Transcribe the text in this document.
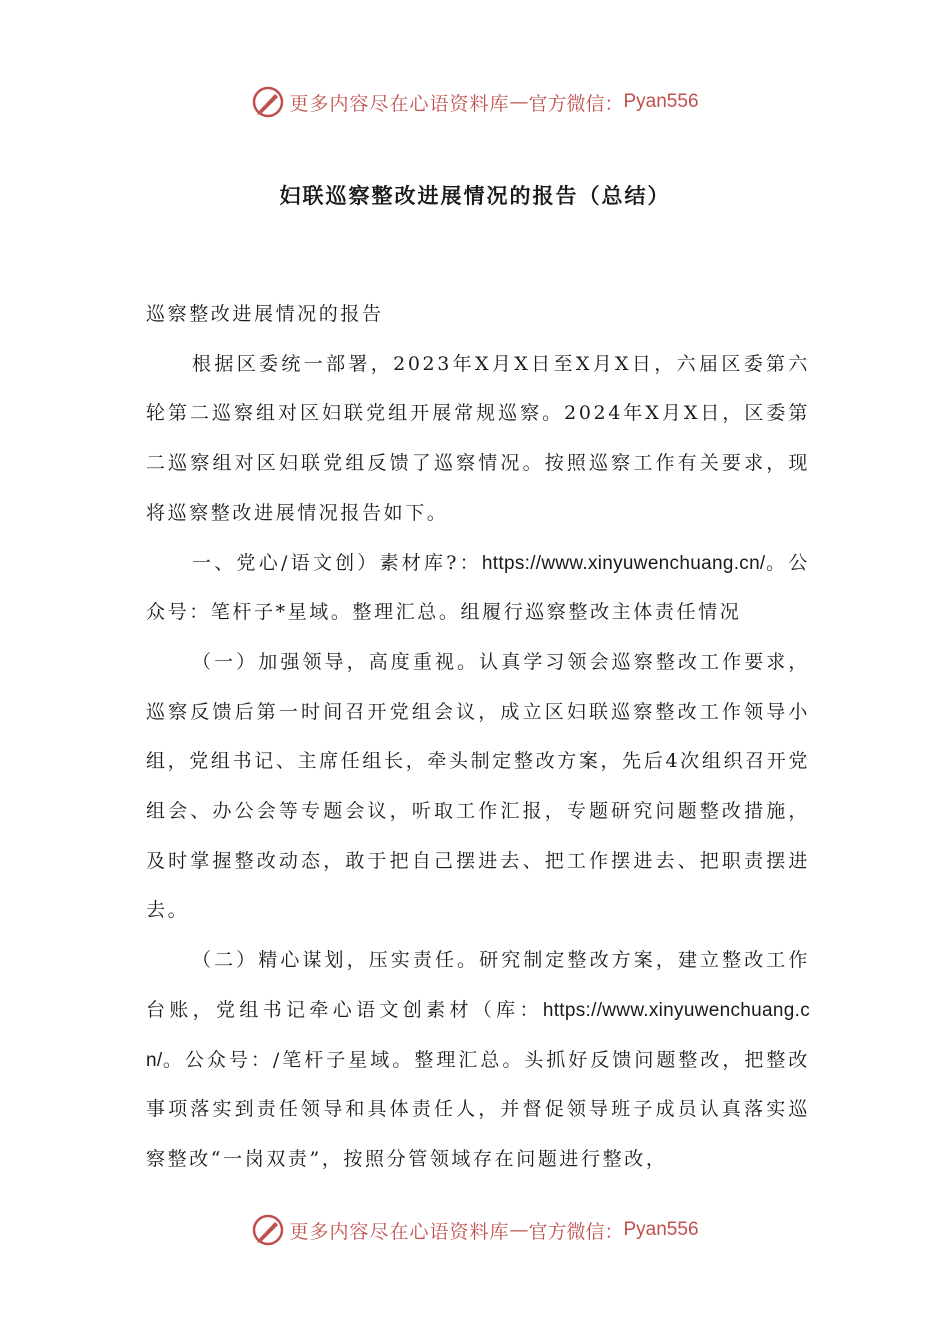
更多内容尽在心语资料库 — 官方微信： Pyan556
妇联巡察整改进展情况的报告（总结）

巡察整改进展情况的报告

根据区委统一部署，2023年X月X日至X月X日，六届区委第六轮第二巡察组对区妇联党组开展常规巡察。2024年X月X日，区委第二巡察组对区妇联党组反馈了巡察情况。按照巡察工作有关要求，现将巡察整改进展情况报告如下。

一、党心/语文创）素材库?：https://www.xinyuwenchuang.cn/。公众号：笔杆子*星域。整理汇总。组履行巡察整改主体责任情况

（一）加强领导，高度重视。认真学习领会巡察整改工作要求，巡察反馈后第一时间召开党组会议，成立区妇联巡察整改工作领导小组，党组书记、主席任组长，牵头制定整改方案，先后4次组织召开党组会、办公会等专题会议，听取工作汇报，专题研究问题整改措施，及时掌握整改动态，敢于把自己摆进去、把工作摆进去、把职责摆进去。

（二）精心谋划，压实责任。研究制定整改方案，建立整改工作台账，党组书记牵心语文创素材（库：https://www.xinyuwenchuang.cn/。公众号：/笔杆子星域。整理汇总。头抓好反馈问题整改，把整改事项落实到责任领导和具体责任人，并督促领导班子成员认真落实巡察整改“一岗双责”，按照分管领域存在问题进行整改，

更多内容尽在心语资料库 — 官方微信： Pyan556
